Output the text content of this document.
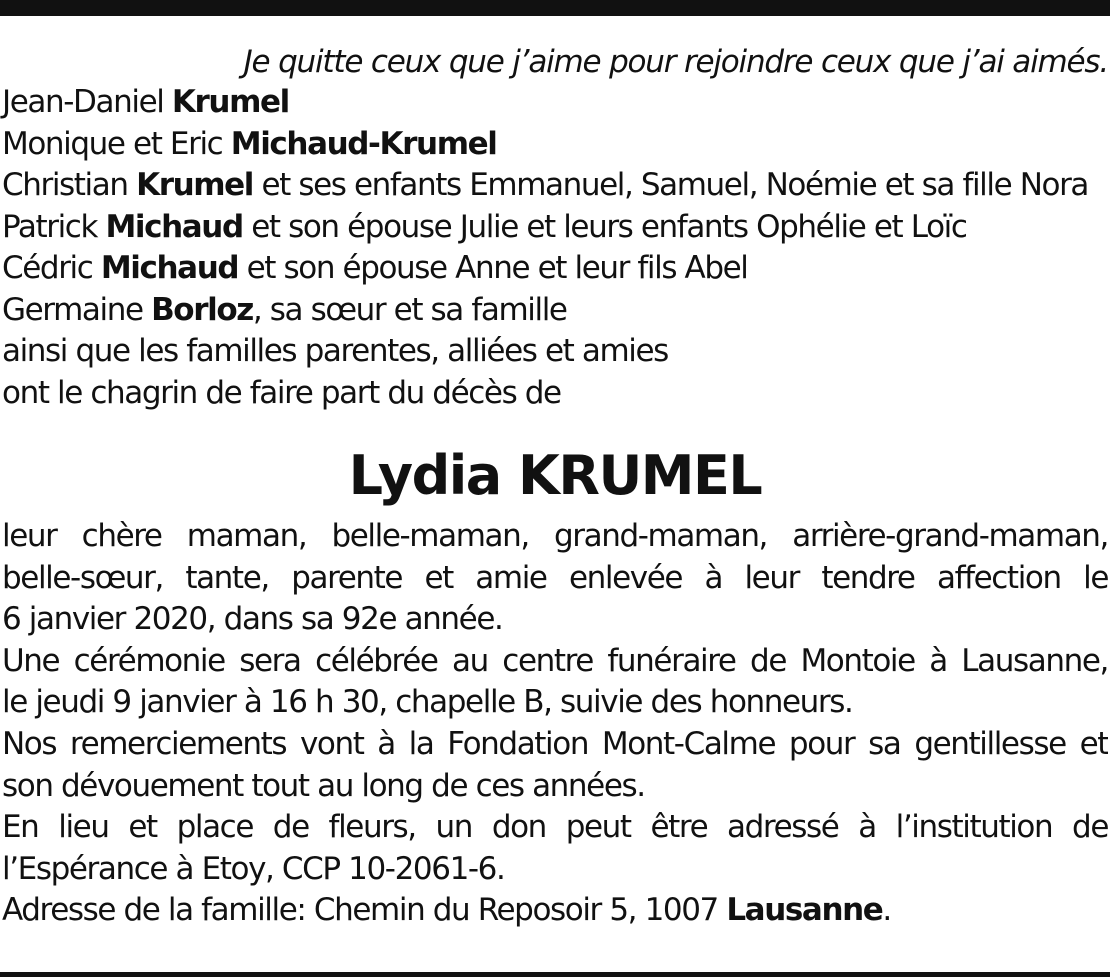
Je quitte ceux que j’aime pour rejoindre ceux que j’ai aimés.
Jean-Daniel Krumel
Monique et Eric Michaud-Krumel
Christian Krumel et ses enfants Emmanuel, Samuel, Noémie et sa fille Nora
Patrick Michaud et son épouse Julie et leurs enfants Ophélie et Loïc
Cédric Michaud et son épouse Anne et leur fils Abel
Germaine Borloz, sa sœur et sa famille
ainsi que les familles parentes, alliées et amies
ont le chagrin de faire part du décès de
Lydia KRUMEL
leur chère maman, belle-maman, grand-maman, arrière-grand-maman,
belle-sœur, tante, parente et amie enlevée à leur tendre affection le
6 janvier 2020, dans sa 92e année.
Une cérémonie sera célébrée au centre funéraire de Montoie à Lausanne,
le jeudi 9 janvier à 16 h 30, chapelle B, suivie des honneurs.
Nos remerciements vont à la Fondation Mont-Calme pour sa gentillesse et
son dévouement tout au long de ces années.
En lieu et place de fleurs, un don peut être adressé à l’institution de
l’Espérance à Etoy, CCP 10-2061-6.
Adresse de la famille: Chemin du Reposoir 5, 1007 Lausanne.
